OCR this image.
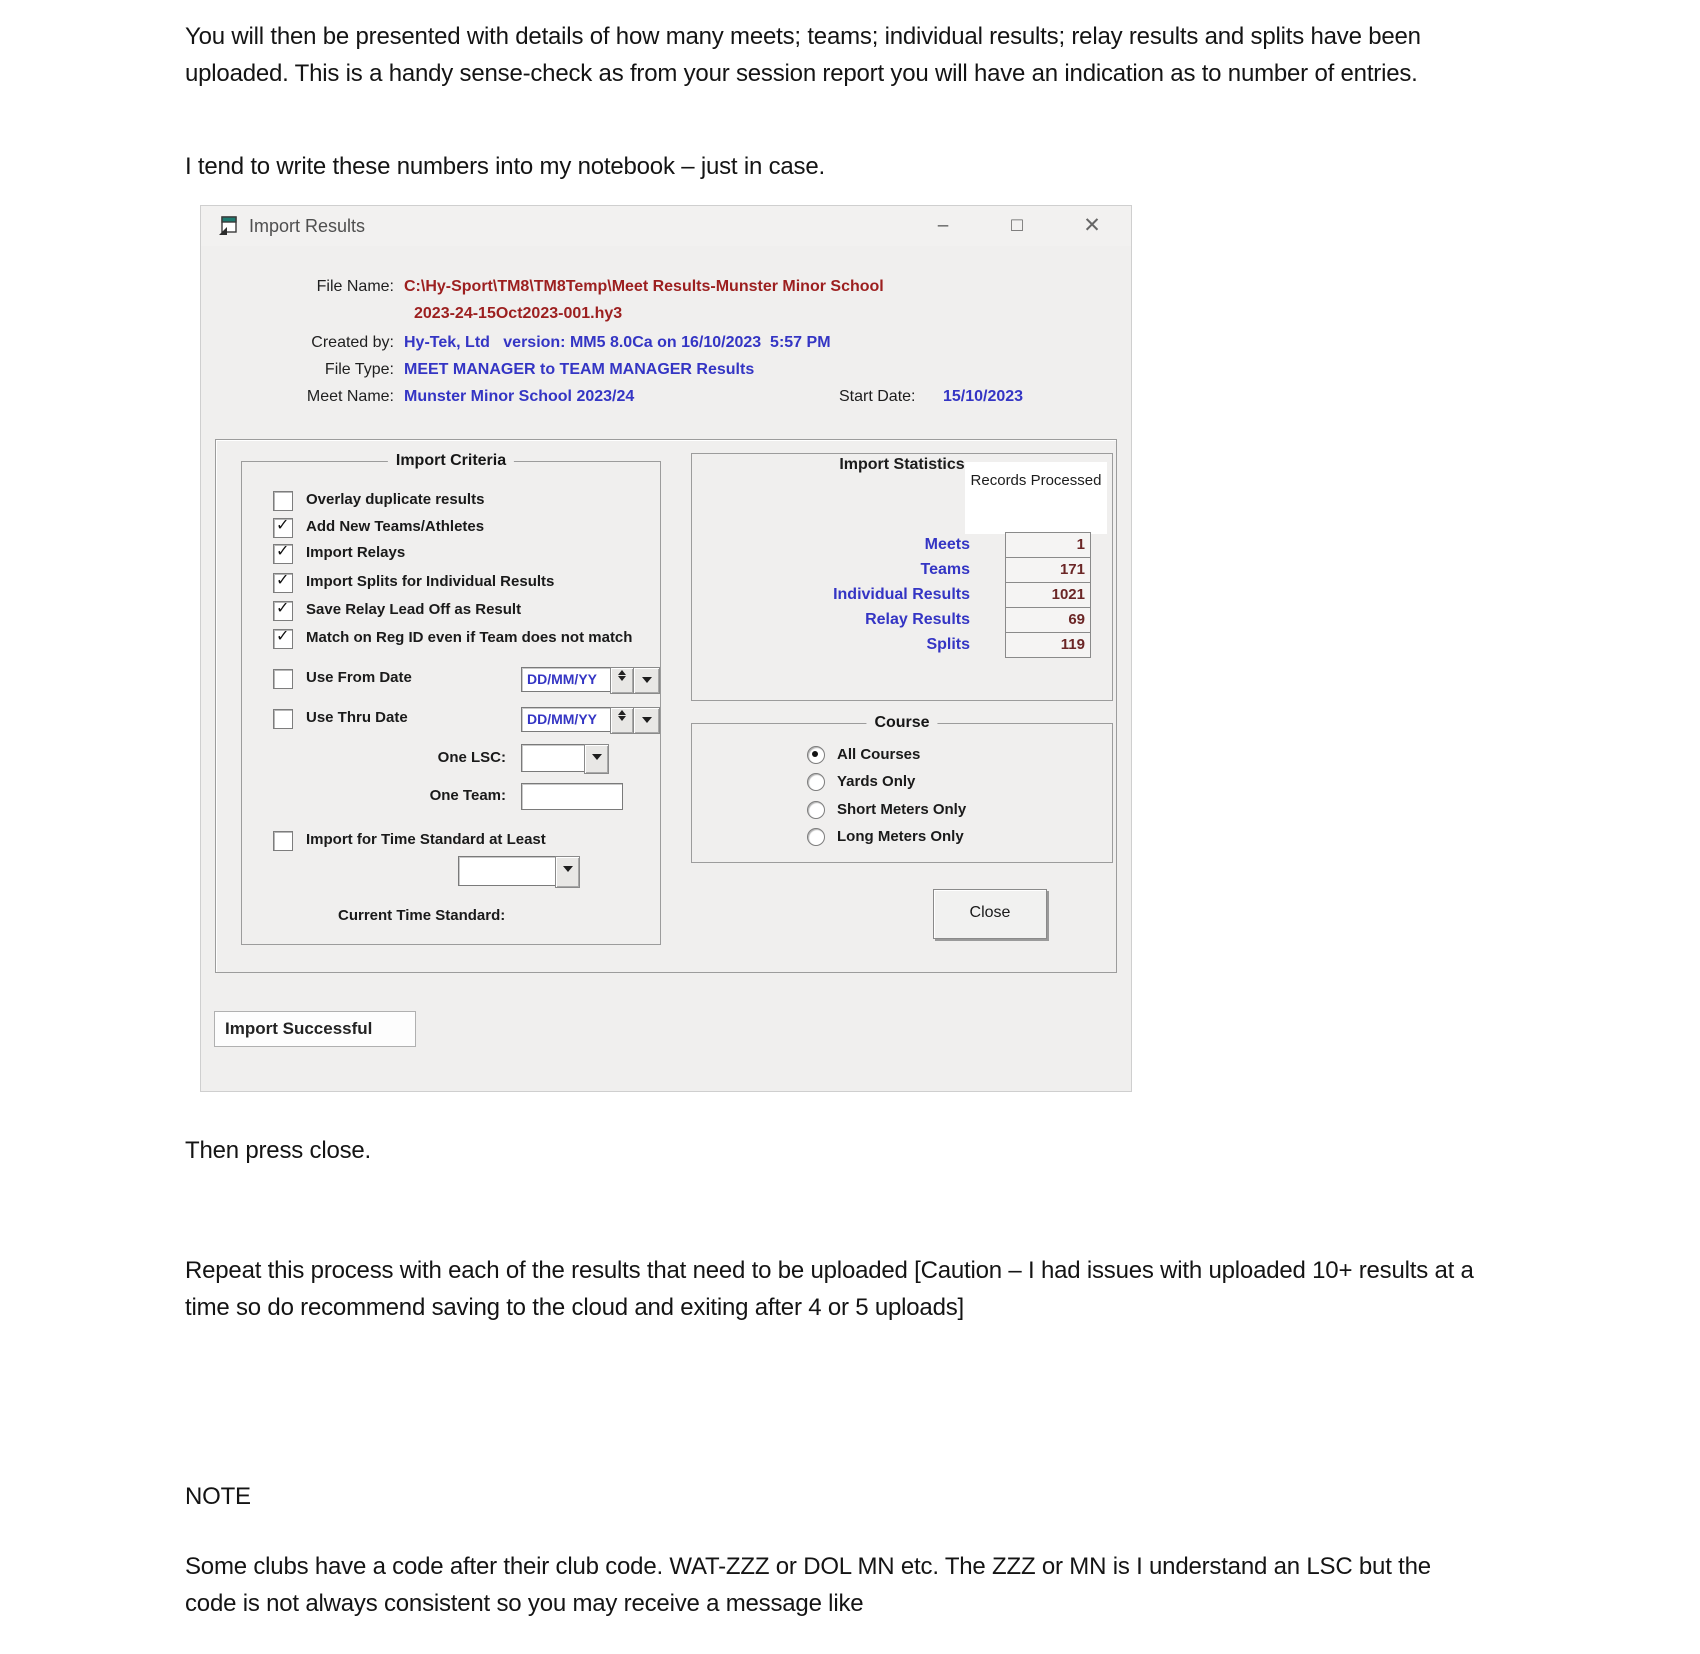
You will then be presented with details of how many meets; teams; individual results; relay results and splits have been uploaded. This is a handy sense-check as from your session report you will have an indication as to number of entries.
I tend to write these numbers into my notebook – just in case.
Import Results	–	□	✕
File Name: C:\Hy-Sport\TM8\TM8Temp\Meet Results-Munster Minor School
2023-24-15Oct2023-001.hy3
Created by: Hy-Tek, Ltd   version: MM5 8.0Ca on 16/10/2023  5:57 PM
File Type: MEET MANAGER to TEAM MANAGER Results
Meet Name: Munster Minor School 2023/24	Start Date: 15/10/2023
Import Criteria
Overlay duplicate results
✓
Add New Teams/Athletes
✓
Import Relays
✓
Import Splits for Individual Results
✓
Save Relay Lead Off as Result
✓
Match on Reg ID even if Team does not match
Use From Date	DD/MM/YY
Use Thru Date	DD/MM/YY
One LSC:
One Team:
Import for Time Standard at Least
Current Time Standard:
Import Statistics
Records Processed
Meets	1
Teams	171
Individual Results	1021
Relay Results	69
Splits	119
Course
All Courses
Yards Only
Short Meters Only
Long Meters Only
Close
Import Successful
Then press close.
Repeat this process with each of the results that need to be uploaded [Caution – I had issues with uploaded 10+ results at a time so do recommend saving to the cloud and exiting after 4 or 5 uploads]
NOTE
Some clubs have a code after their club code. WAT-ZZZ or DOL MN etc. The ZZZ or MN is I understand an LSC but the code is not always consistent so you may receive a message like
